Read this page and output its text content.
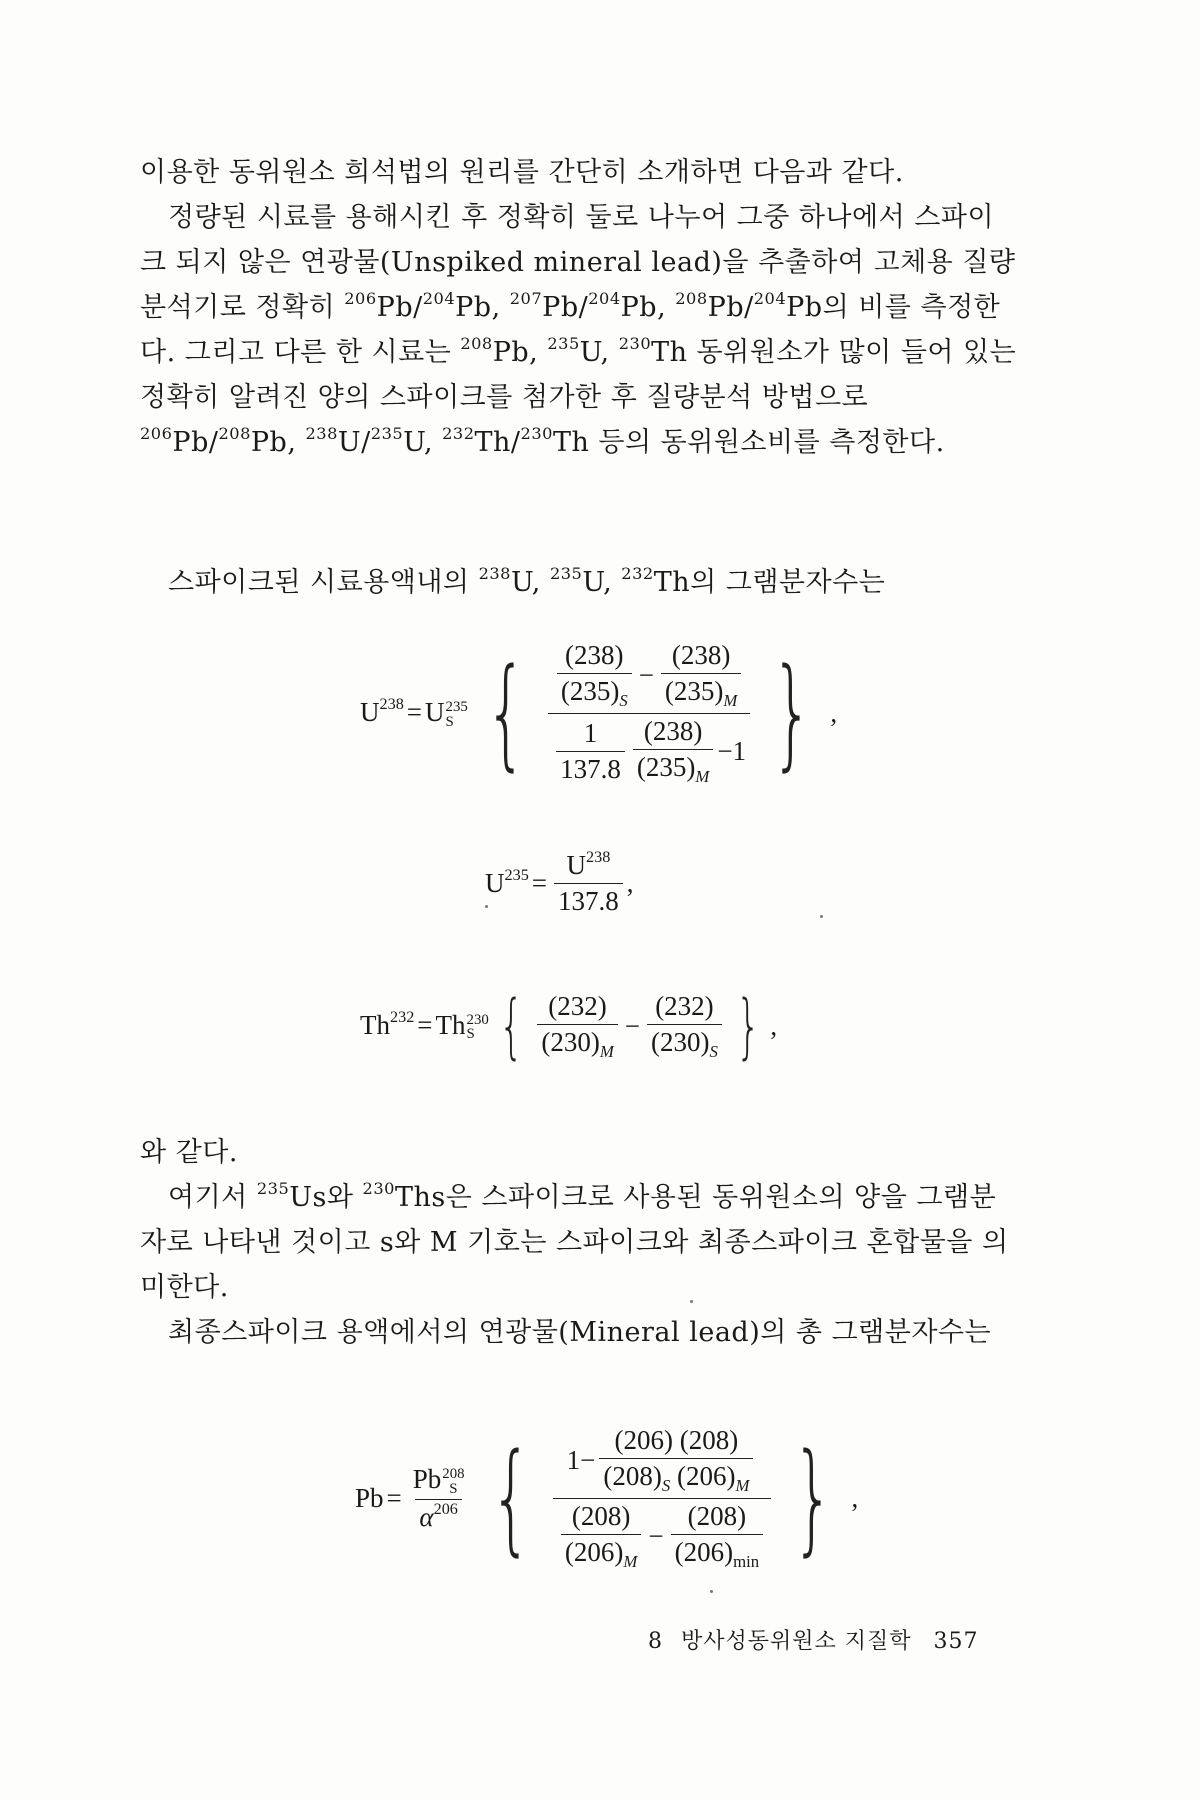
이용한 동위원소 희석법의 원리를 간단히 소개하면 다음과 같다.
정량된 시료를 용해시킨 후 정확히 둘로 나누어 그중 하나에서 스파이크 되지 않은 연광물(Unspiked mineral lead)을 추출하여 고체용 질량분석기로 정확히 $^{206}$Pb/$^{204}$Pb, $^{207}$Pb/$^{204}$Pb, $^{208}$Pb/$^{204}$Pb의 비를 측정한다. 그리고 다른 한 시료는 $^{208}$Pb, $^{235}$U, $^{230}$Th 동위원소가 많이 들어 있는 정확히 알려진 양의 스파이크를 첨가한 후 질량분석 방법으로 $^{206}$Pb/$^{208}$Pb, $^{238}$U/$^{235}$U, $^{232}$Th/$^{230}$Th 등의 동위원소비를 측정한다.
스파이크된 시료용액내의 $^{238}$U, $^{235}$U, $^{232}$Th의 그램분자수는
$U^{238} = U$ 235
S { $\frac{\frac{(238)}{(235)_S} - \frac{(238)}{(235)_M}}{\frac{1}{137.8} \frac{(238)}{(235)_M} -1}$ } ,
$U^{235} = \frac{U^{238}}{137.8}$ ,
$Th^{232} = Th$ 230
S { $\frac{(232)}{(230)_M} - \frac{(232)}{(230)_S}$ } ,
와 같다.
여기서 $^{235}$Us와 $^{230}$Ths은 스파이크로 사용된 동위원소의 양을 그램분자로 나타낸 것이고 s와 M 기호는 스파이크와 최종스파이크 혼합물을 의미한다.
최종스파이크 용액에서의 연광물(Mineral lead)의 총 그램분자수는
Pb = Pb 208
S
$\alpha^{206}$ { $\frac{1- \frac{(206) (208)}{(208)_S (206)_M}}{\frac{(208)}{(206)_M} - \frac{(208)}{(206)_{min}}}$ } ,
8 방사성동위원소 지질학 357
